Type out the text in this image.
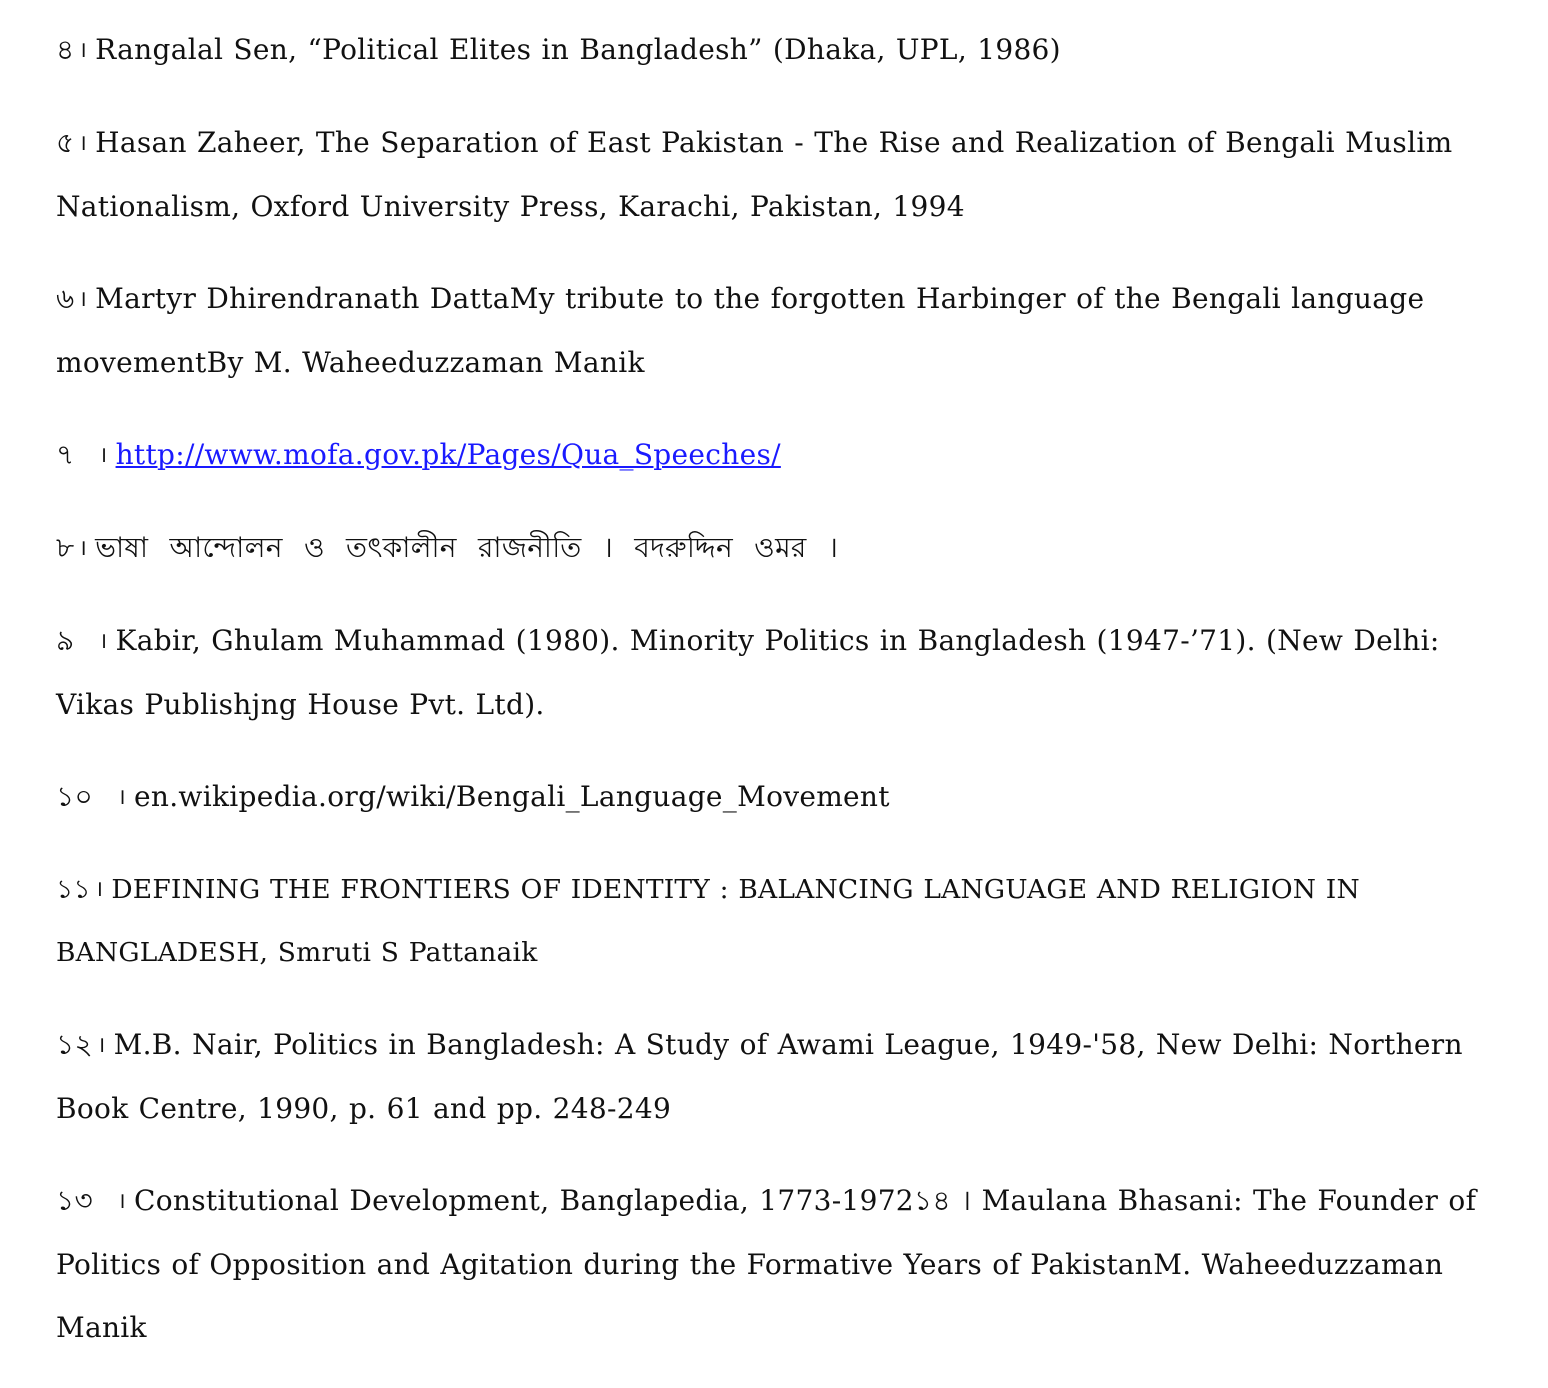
৪ । Rangalal Sen, “Political Elites in Bangladesh” (Dhaka, UPL, 1986)

৫ । Hasan Zaheer, The Separation of East Pakistan - The Rise and Realization of Bengali Muslim Nationalism, Oxford University Press, Karachi, Pakistan, 1994

৬ । Martyr Dhirendranath DattaMy tribute to the forgotten Harbinger of the Bengali language movementBy M. Waheeduzzaman Manik

৭ । http://www.mofa.gov.pk/Pages/Qua_Speeches/

৮ । ভাষা আন্দোলন ও তৎকালীন রাজনীতি । বদরুদ্দিন ওমর ।

৯ । Kabir, Ghulam Muhammad (1980). Minority Politics in Bangladesh (1947-’71). (New Delhi: Vikas Publishjng House Pvt. Ltd).

১০ । en.wikipedia.org/wiki/Bengali_Language_Movement

১১ । DEFINING THE FRONTIERS OF IDENTITY : BALANCING LANGUAGE AND RELIGION IN BANGLADESH, Smruti S Pattanaik

১২ । M.B. Nair, Politics in Bangladesh: A Study of Awami League, 1949-'58, New Delhi: Northern Book Centre, 1990, p. 61 and pp. 248-249

১৩ । Constitutional Development, Banglapedia, 1773-1972১৪ । Maulana Bhasani: The Founder of Politics of Opposition and Agitation during the Formative Years of PakistanM. Waheeduzzaman Manik
